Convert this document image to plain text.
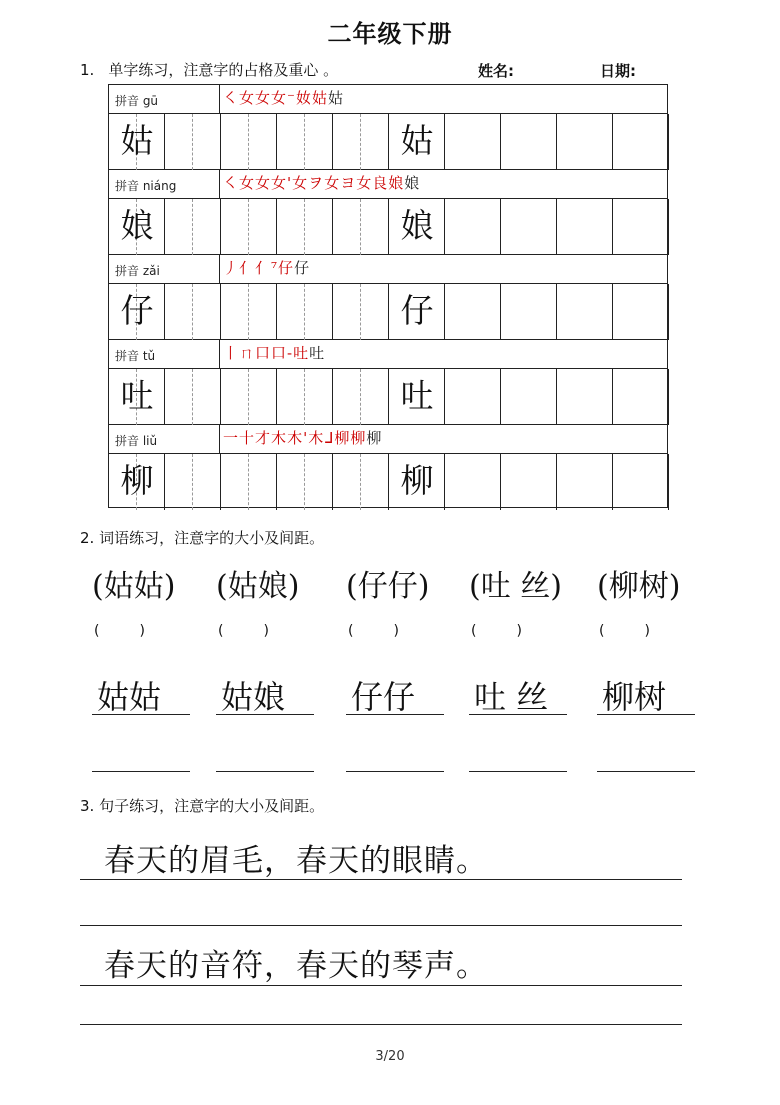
二年级下册
1. 单字练习，注意字的占格及重心 。	姓名:	日期:
拼音 gū	㇛女女女⁻奻姑姑
姑	姑
拼音 niáng	㇛女女女'女ヲ女ヨ女良娘娘
娘	娘
拼音 zǎi	丿亻亻⁷仔仔
仔	仔
拼音 tǔ	丨ㄇ口口-吐吐
吐	吐
拼音 liǔ	一十才木木'木ᒧ柳柳柳
柳	柳
2. 词语练习，注意字的大小及间距。
(姑姑)
(         )
姑姑
(姑娘)
(         )
姑娘
(仔仔)
(         )
仔仔
(吐 丝)
(         )
吐 丝
(柳树)
(         )
柳树
3. 句子练习，注意字的大小及间距。
春天的眉毛，春天的眼睛。
春天的音符，春天的琴声。
3/20
